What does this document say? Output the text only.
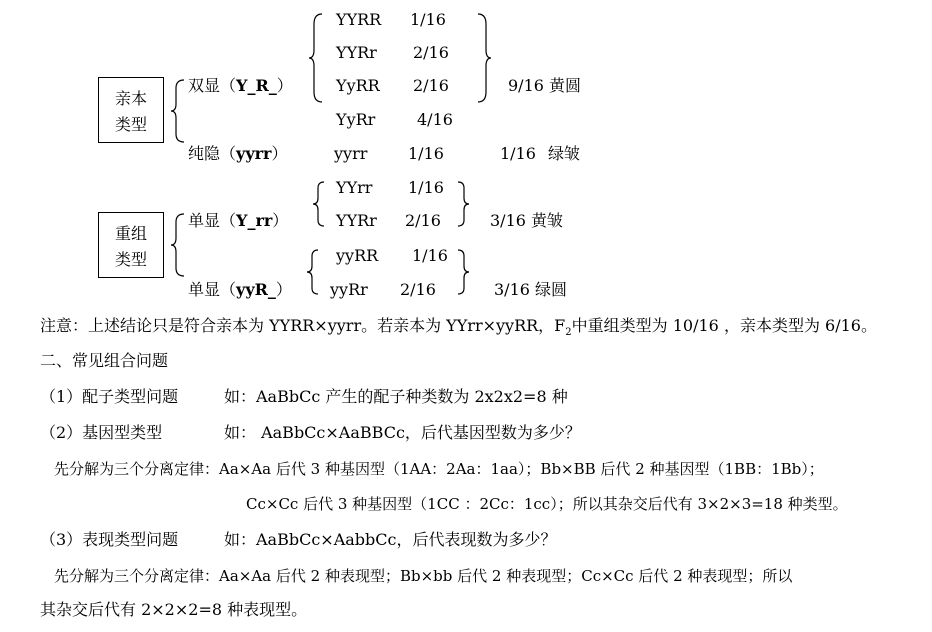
亲本
类型
双显（Y_R_）
YYRR 1/16
YYRr 2/16
YyRR 2/16
YyRr	4/16
9/16 黄圆
纯隐（yyrr）	yyrr	1/16	1/16 绿皱
重组
类型
单显（Y_rr）
YYrr 1/16
YYRr 2/16	3/16 黄皱
单显（yyR_）
yyRR 1/16
yyRr 2/16	3/16 绿圆
注意：上述结论只是符合亲本为 YYRR×yyrr。若亲本为 YYrr×yyRR，$F_2$中重组类型为 10/16 ，亲本类型为 6/16。
二、常见组合问题
（1）配子类型问题	如：AaBbCc 产生的配子种类数为 2x2x2=8 种
（2）基因型类型	如： AaBbCc×AaBBCc，后代基因型数为多少？
先分解为三个分离定律：Aa×Aa 后代 3 种基因型（1AA：2Aa：1aa）；Bb×BB 后代 2 种基因型（1BB：1Bb）；
Cc×Cc 后代 3 种基因型（1CC ：2Cc：1cc）；所以其杂交后代有 3×2×3=18 种类型。
（3）表现类型问题	如：AaBbCc×AabbCc，后代表现数为多少？
先分解为三个分离定律：Aa×Aa 后代 2 种表现型；Bb×bb 后代 2 种表现型；Cc×Cc 后代 2 种表现型；所以
其杂交后代有 2×2×2=8 种表现型。
